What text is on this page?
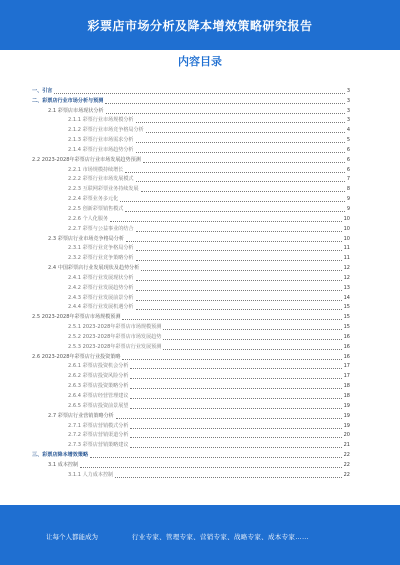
彩票店市场分析及降本增效策略研究报告
内容目录
一、引言	3
二、彩票店行业市场分析与预测	3
2.1 彩票店市场现状分析	3
2.1.1 彩票行业市场规模分析	3
2.1.2 彩票行业市场竞争格局分析	4
2.1.3 彩票行业市场需求分析	5
2.1.4 彩票行业市场趋势分析	6
2.2 2023-2028年彩票店行业市场发展趋势预测	6
2.2.1 市场规模持续增长	6
2.2.2 彩票行业市场发展模式	7
2.2.3 互联网彩票业务持续发展	8
2.2.4 彩票业务多元化	9
2.2.5 创新彩票销售模式	9
2.2.6 个人化服务	10
2.2.7 彩票与公益事业的结合	10
2.3 彩票店行业市场竞争格局分析	10
2.3.1 彩票行业竞争格局分析	11
2.3.2 彩票行业竞争策略分析	11
2.4 中国彩票店行业发展现状及趋势分析	12
2.4.1 彩票行业发展现状分析	12
2.4.2 彩票行业发展趋势分析	13
2.4.3 彩票行业发展前景分析	14
2.4.4 彩票行业发展机遇分析	15
2.5 2023-2028年彩票店市场规模预测	15
2.5.1 2023-2028年彩票店市场规模预测	15
2.5.2 2023-2028年彩票店市场发展趋势	16
2.5.3 2023-2028年彩票店行业发展预测	16
2.6 2023-2028年彩票店行业投资策略	16
2.6.1 彩票店投资机会分析	17
2.6.2 彩票店投资风险分析	17
2.6.3 彩票店投资策略分析	18
2.6.4 彩票店经营管理建议	18
2.6.5 彩票店投资前景展望	19
2.7 彩票店行业营销策略分析	19
2.7.1 彩票店营销模式分析	19
2.7.2 彩票店营销渠道分析	20
2.7.3 彩票店营销策略建议	21
三、彩票店降本增效策略	22
3.1 成本控制	22
3.1.1 人力成本控制	22
让每个人都能成为	行业专家、管理专家、营销专家、战略专家、成本专家……
